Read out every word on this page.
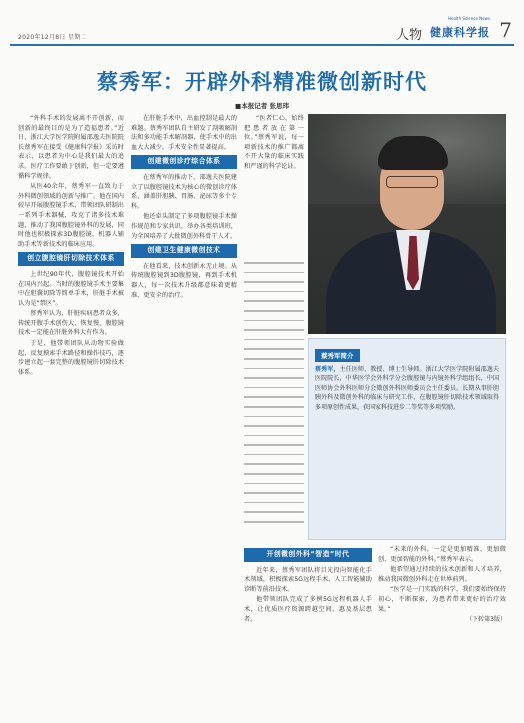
2020年12月8日 星期二	人物
Health Science News
健康科学报 7
蔡秀军：开辟外科精准微创新时代
■本报记者 张思玮

“外科手术的发展离不开创新，而创新的最终目的是为了造福患者。”近日，浙江大学医学院附属邵逸夫医院院长蔡秀军在接受《健康科学报》采访时表示，以患者为中心是我们最大的追求。医疗工作要敢于创新，但一定要遵循科学规律。

从医40余年，蔡秀军一直致力于外科微创领域的创新与推广。他在国内较早开展腹腔镜手术，带领团队研制出一系列手术器械，攻克了诸多技术难题，推动了我国腹腔镜外科的发展，同时他也积极探索3D腹腔镜、机器人辅助手术等新技术的临床应用。

创立腹腔镜肝切除技术体系

上世纪90年代，腹腔镜技术开始在国内兴起。当时的腹腔镜手术主要集中在胆囊切除等简单手术，肝脏手术被认为是“禁区”。

蔡秀军认为，肝脏疾病患者众多，传统开腹手术创伤大、恢复慢，腹腔镜技术一定能在肝脏外科大有作为。

于是，他带领团队从动物实验做起，反复摸索手术路径和操作技巧，逐步建立起一套完整的腹腔镜肝切除技术体系。

在肝脏手术中，出血控制是最大的难题。蔡秀军团队自主研发了刮吸解剖法和多功能手术解剖器，使手术中的出血大大减少，手术安全性显著提高。

创建微创诊疗综合体系

在蔡秀军的推动下，邵逸夫医院建立了以腹腔镜技术为核心的微创诊疗体系，涵盖肝胆胰、胃肠、泌尿等多个专科。

他还牵头制定了多项腹腔镜手术操作规范和专家共识，举办各类培训班，为全国培养了大批微创外科骨干人才。

创建卫生健康微创技术

在他看来，技术创新永无止境。从传统腹腔镜到3D腹腔镜，再到手术机器人，每一次技术升级都意味着更精准、更安全的治疗。

“医者仁心，始终把患者放在第一位。”蔡秀军说，每一项新技术的推广都离不开大量的临床实践和严谨的科学论证。

蔡秀军简介
蔡秀军，主任医师、教授、博士生导师。浙江大学医学院附属邵逸夫医院院长，中华医学会外科学分会腹腔镜与内镜外科学组组长，中国医师协会外科医师分会微创外科医师委员会主任委员。长期从事肝胆胰外科及微创外科的临床与研究工作，在腹腔镜肝切除技术领域取得多项原创性成果，获国家科技进步二等奖等多项奖励。
开创微创外科“智造”时代

近年来，蔡秀军团队将目光投向智能化手术领域，积极探索5G远程手术、人工智能辅助诊断等前沿技术。

他带领团队完成了多例5G远程机器人手术，让优质医疗资源跨越空间，惠及基层患者。

“未来的外科，一定是更加精准、更加微创、更加智能的外科。”蔡秀军表示。

他希望通过持续的技术创新和人才培养，推动我国微创外科走在世界前列。

“医学是一门实践的科学，我们要始终保持初心，不断探索，为患者带来更好的治疗效果。”

（下转第3版）
